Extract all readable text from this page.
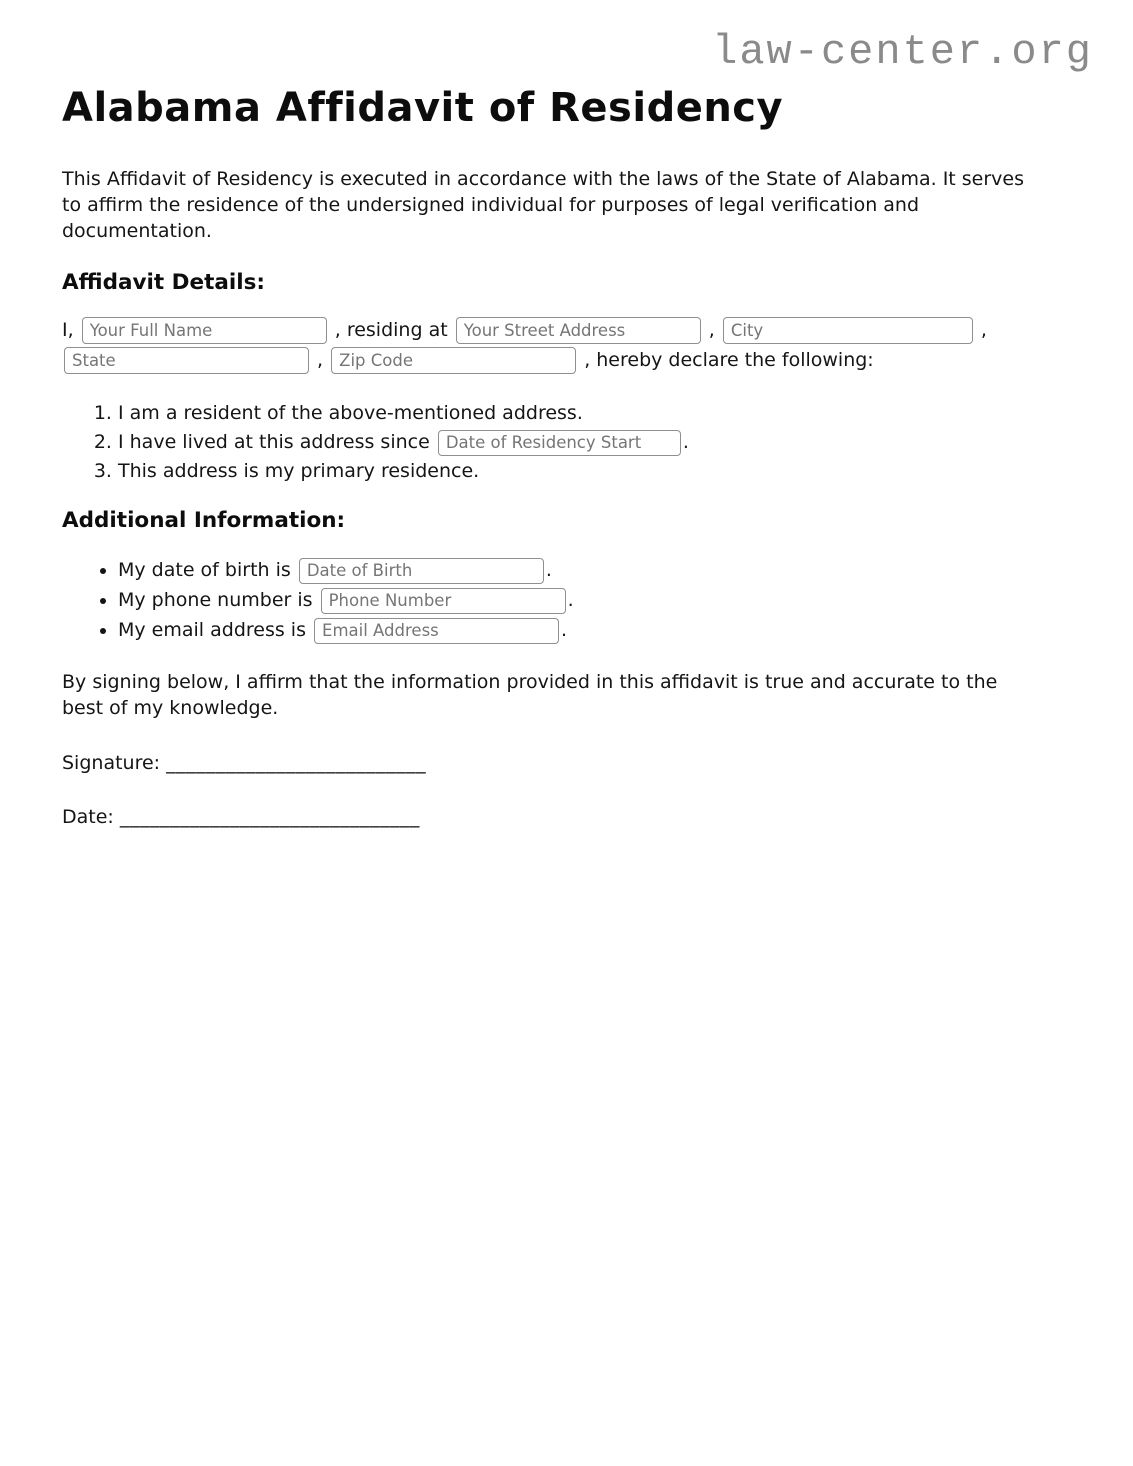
law-center.org
Alabama Affidavit of Residency

This Affidavit of Residency is executed in accordance with the laws of the State of Alabama. It serves to affirm the residence of the undersigned individual for purposes of legal verification and documentation.

Affidavit Details:

I, Your Full Name	, residing at Your Street Address	, City	, State , Zip Code	, hereby declare the following:

1. I am a resident of the above-mentioned address.
2. I have lived at this address since Date of Residency Start	.
3. This address is my primary residence.
Additional Information:
• My date of birth is Date of Birth	.
• My phone number is Phone Number	.
• My email address is Email Address	.

By signing below, I affirm that the information provided in this affidavit is true and accurate to the best of my knowledge.

Signature: __________________________

Date: ______________________________
